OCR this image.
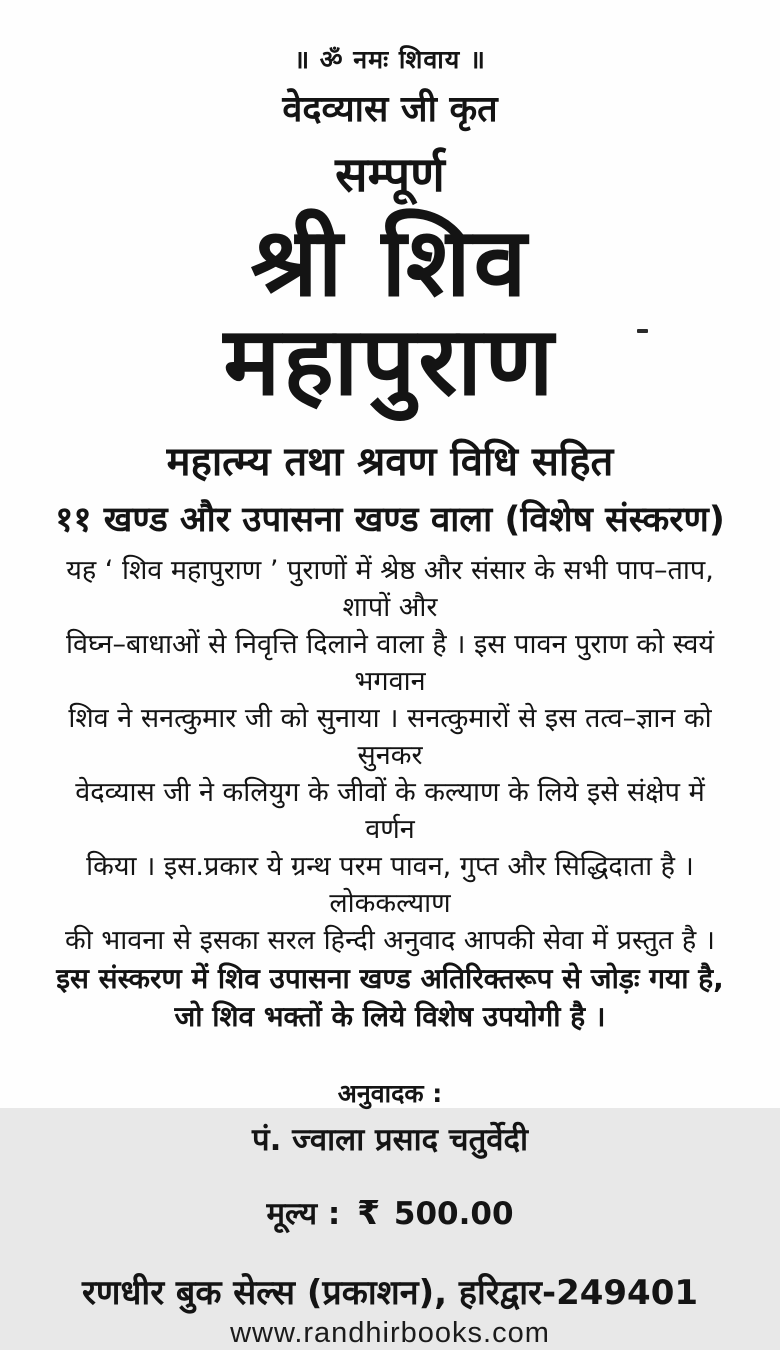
॥ ॐ नमः शिवाय ॥
वेदव्यास जी कृत
सम्पूर्ण
श्री शिव
महापुराण
महात्म्य तथा श्रवण विधि सहित
११ खण्ड और उपासना खण्ड वाला (विशेष संस्करण)
यह ‘ शिव महापुराण ’ पुराणों में श्रेष्ठ और संसार के सभी पाप–ताप, शापों और
विघ्न–बाधाओं से निवृत्ति दिलाने वाला है । इस पावन पुराण को स्वयं भगवान
शिव ने सनत्कुमार जी को सुनाया । सनत्कुमारों से इस तत्व–ज्ञान को सुनकर
वेदव्यास जी ने कलियुग के जीवों के कल्याण के लिये इसे संक्षेप में वर्णन
किया । इस.प्रकार ये ग्रन्थ परम पावन, गुप्त और सिद्धिदाता है । लोककल्याण
की भावना से इसका सरल हिन्दी अनुवाद आपकी सेवा में प्रस्तुत है ।
इस संस्करण में शिव उपासना खण्ड अतिरिक्तरूप से जोड़ः गया है,
जो शिव भक्तों के लिये विशेष उपयोगी है ।
अनुवादक :
पं. ज्वाला प्रसाद चतुर्वेदी
मूल्य : ₹ 500.00
रणधीर बुक सेल्स (प्रकाशन), हरिद्वार-249401
www.randhirbooks.com
